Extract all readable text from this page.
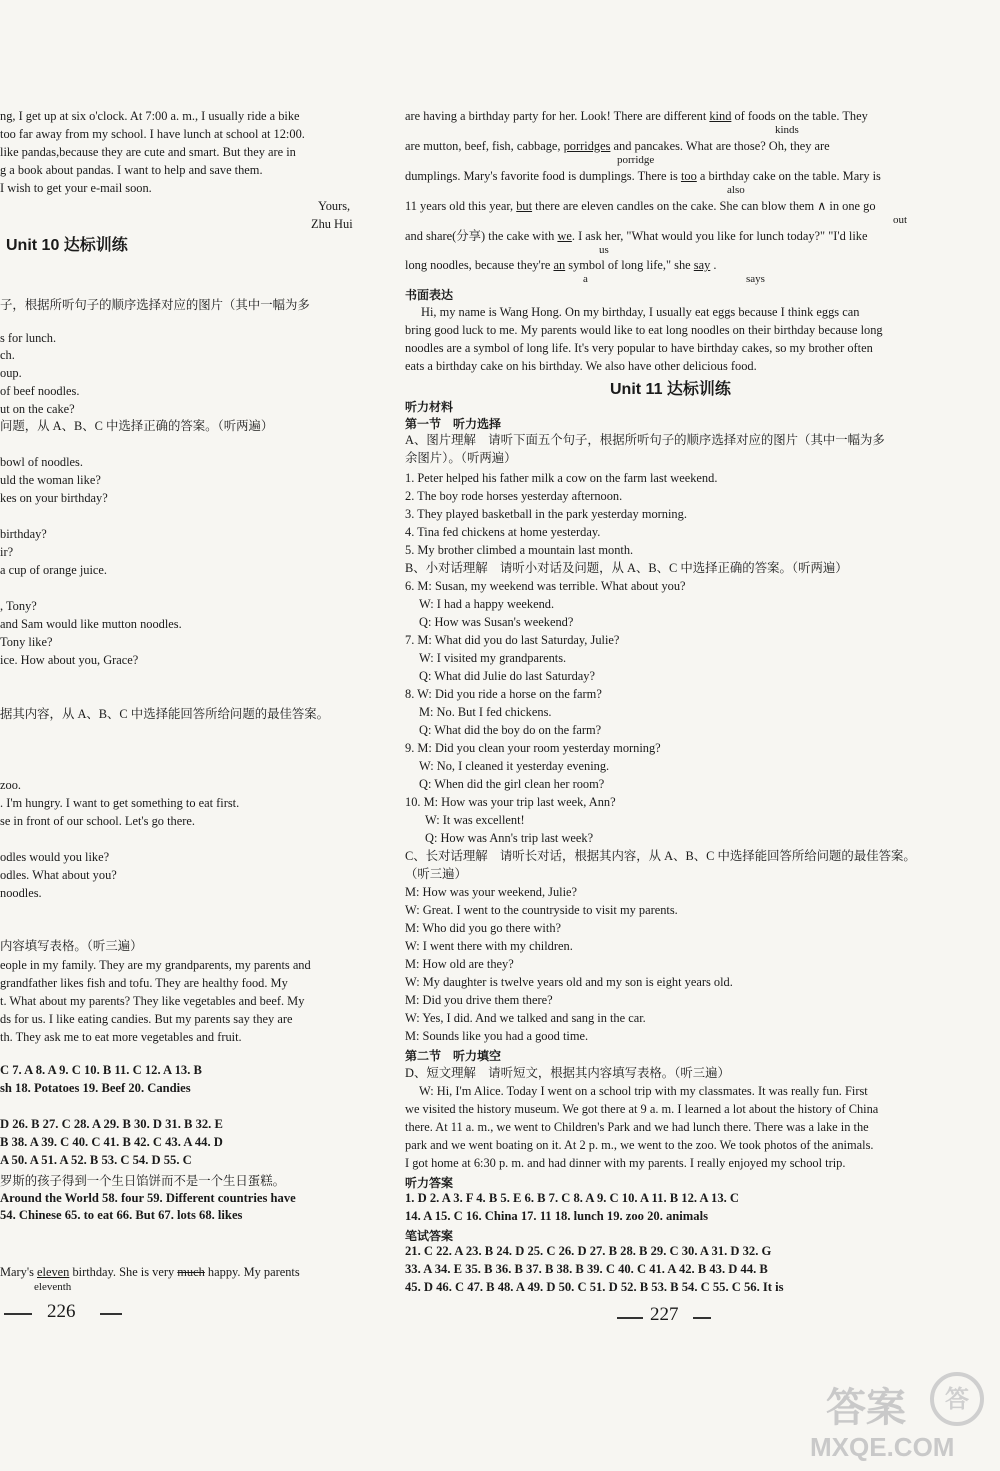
ng, I get up at six o'clock. At 7:00 a. m., I usually ride a bike
too far away from my school. I have lunch at school at 12:00.
like pandas,because they are cute and smart. But they are in
g a book about pandas. I want to help and save them.
I wish to get your e-mail soon.
子，根据所听句子的顺序选择对应的图片（其中一幅为多
s for lunch.
ch.
oup.
of beef noodles.
ut on the cake?
问题，从 A、B、C 中选择正确的答案。（听两遍）
bowl of noodles.
uld the woman like?
kes on your birthday?
birthday?
ir?
a cup of orange juice.
, Tony?
and Sam would like mutton noodles.
Tony like?
ice. How about you, Grace?
据其内容，从 A、B、C 中选择能回答所给问题的最佳答案。
zoo.
. I'm hungry. I want to get something to eat first.
se in front of our school. Let's go there.
odles would you like?
odles. What about you?
noodles.
内容填写表格。（听三遍）
eople in my family. They are my grandparents, my parents and
grandfather likes fish and tofu. They are healthy food. My
t. What about my parents? They like vegetables and beef. My
ds for us. I like eating candies. But my parents say they are
th. They ask me to eat more vegetables and fruit.
罗斯的孩子得到一个生日馅饼而不是一个生日蛋糕。
Yours,
Zhu Hui
Unit 10 达标训练
C 7. A 8. A 9. C 10. B 11. C 12. A 13. B
sh 18. Potatoes 19. Beef 20. Candies
D 26. B 27. C 28. A 29. B 30. D 31. B 32. E
B 38. A 39. C 40. C 41. B 42. C 43. A 44. D
A 50. A 51. A 52. B 53. C 54. D 55. C
Around the World 58. four 59. Different countries have
54. Chinese 65. to eat 66. But 67. lots 68. likes
Mary's eleven birthday. She is very much happy. My parents
eleventh
226
are having a birthday party for her. Look! There are different kind of foods on the table. They
kinds
are mutton, beef, fish, cabbage, porridges and pancakes. What are those? Oh, they are
porridge
dumplings. Mary's favorite food is dumplings. There is too a birthday cake on the table. Mary is
also
11 years old this year, but there are eleven candles on the cake. She can blow them ∧ in one go
and share(分享) the cake with we. I ask her, "What would you like for lunch today?" "I'd like
us
long noodles, because they're an symbol of long life," she say .
a
out
says
书面表达
Hi, my name is Wang Hong. On my birthday, I usually eat eggs because I think eggs can
bring good luck to me. My parents would like to eat long noodles on their birthday because long
noodles are a symbol of long life. It's very popular to have birthday cakes, so my brother often
eats a birthday cake on his birthday. We also have other delicious food.
Unit 11 达标训练
听力材料
第一节　听力选择
A、图片理解　请听下面五个句子，根据所听句子的顺序选择对应的图片（其中一幅为多
余图片）。（听两遍）
1. Peter helped his father milk a cow on the farm last weekend.
2. The boy rode horses yesterday afternoon.
3. They played basketball in the park yesterday morning.
4. Tina fed chickens at home yesterday.
5. My brother climbed a mountain last month.
B、小对话理解　请听小对话及问题，从 A、B、C 中选择正确的答案。（听两遍）
6. M: Susan, my weekend was terrible. What about you?
W: I had a happy weekend.
Q: How was Susan's weekend?
7. M: What did you do last Saturday, Julie?
W: I visited my grandparents.
Q: What did Julie do last Saturday?
8. W: Did you ride a horse on the farm?
M: No. But I fed chickens.
Q: What did the boy do on the farm?
9. M: Did you clean your room yesterday morning?
W: No, I cleaned it yesterday evening.
Q: When did the girl clean her room?
10. M: How was your trip last week, Ann?
W: It was excellent!
Q: How was Ann's trip last week?
C、长对话理解　请听长对话，根据其内容，从 A、B、C 中选择能回答所给问题的最佳答案。
（听三遍）
M: How was your weekend, Julie?
W: Great. I went to the countryside to visit my parents.
M: Who did you go there with?
W: I went there with my children.
M: How old are they?
W: My daughter is twelve years old and my son is eight years old.
M: Did you drive them there?
W: Yes, I did. And we talked and sang in the car.
M: Sounds like you had a good time.
第二节　听力填空
D、短文理解　请听短文，根据其内容填写表格。（听三遍）
W: Hi, I'm Alice. Today I went on a school trip with my classmates. It was really fun. First
we visited the history museum. We got there at 9 a. m. I learned a lot about the history of China
there. At 11 a. m., we went to Children's Park and we had lunch there. There was a lake in the
park and we went boating on it. At 2 p. m., we went to the zoo. We took photos of the animals.
I got home at 6:30 p. m. and had dinner with my parents. I really enjoyed my school trip.
听力答案
1. D 2. A 3. F 4. B 5. E 6. B 7. C 8. A 9. C 10. A 11. B 12. A 13. C
14. A 15. C 16. China 17. 11 18. lunch 19. zoo 20. animals
笔试答案
21. C 22. A 23. B 24. D 25. C 26. D 27. B 28. B 29. C 30. A 31. D 32. G
33. A 34. E 35. B 36. B 37. B 38. B 39. C 40. C 41. A 42. B 43. D 44. B
45. D 46. C 47. B 48. A 49. D 50. C 51. D 52. B 53. B 54. C 55. C 56. It is
227
答案	答
MXQE.COM
